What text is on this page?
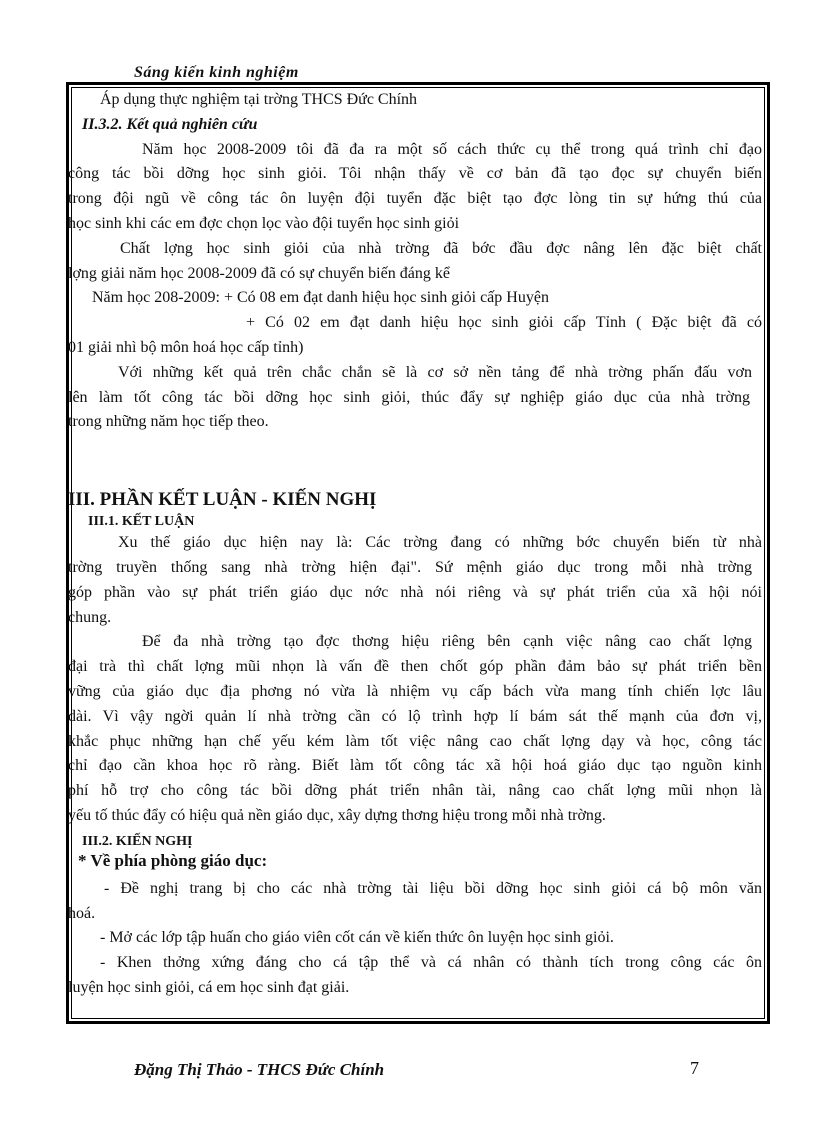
Sáng kiến kinh nghiệm
Áp dụng thực nghiệm tại trờng THCS Đức Chính
II.3.2. Kết quả nghiên cứu
Năm học 2008-2009 tôi đã đa ra một số cách thức cụ thể trong quá trình chỉ đạo
công tác bồi dỡng học sinh giỏi. Tôi nhận thấy về cơ bản đã tạo đọc sự chuyển biến
trong đội ngũ về công tác ôn luyện đội tuyển đặc biệt tạo đợc lòng tin sự hứng thú của
học sinh khi các em đợc chọn lọc vào đội tuyển học sinh giỏi
Chất lợng học sinh giỏi của nhà trờng đã bớc đầu đợc nâng lên đặc biệt chất
lợng giải năm học 2008-2009 đã có sự chuyển biến đáng kể
Năm học 208-2009: + Có 08 em đạt danh hiệu học sinh giỏi cấp Huyện
+ Có 02 em đạt danh hiệu học sinh giỏi cấp Tỉnh ( Đặc biệt đã có
01 giải nhì bộ môn hoá học cấp tỉnh)
Với những kết quả trên chắc chắn sẽ là cơ sở nền tảng để nhà trờng phấn đấu vơn
lên làm tốt công tác bồi dỡng học sinh giỏi, thúc đẩy sự nghiệp giáo dục của nhà trờng
trong những năm học tiếp theo.
III. PHẦN KẾT LUẬN - KIẾN NGHỊ
III.1. KẾT LUẬN
Xu thế giáo dục hiện nay là: Các trờng đang có những bớc chuyển biến từ nhà
trờng truyền thống sang nhà trờng hiện đại". Sứ mệnh giáo dục trong mỗi nhà trờng
góp phần vào sự phát triển giáo dục nớc nhà nói riêng và sự phát triển của xã hội nói
chung.
Để đa nhà trờng tạo đợc thơng hiệu riêng bên cạnh việc nâng cao chất lợng
đại trà thì chất lợng mũi nhọn là vấn đề then chốt góp phần đảm bảo sự phát triển bền
vững của giáo dục địa phơng nó vừa là nhiệm vụ cấp bách vừa mang tính chiến lợc lâu
dài. Vì vậy ngời quản lí nhà trờng cần có lộ trình hợp lí bám sát thế mạnh của đơn vị,
khắc phục những hạn chế yếu kém làm tốt việc nâng cao chất lợng dạy và học, công tác
chỉ đạo cần khoa học rõ ràng. Biết làm tốt công tác xã hội hoá giáo dục tạo nguồn kinh
phí hỗ trợ cho công tác bồi dỡng phát triển nhân tài, nâng cao chất lợng mũi nhọn là
yếu tố thúc đẩy có hiệu quả nền giáo dục, xây dựng thơng hiệu trong mỗi nhà trờng.
III.2. KIẾN NGHỊ
* Về phía phòng giáo dục:
- Đề nghị trang bị cho các nhà trờng tài liệu bồi dỡng học sinh giỏi cá bộ môn văn
hoá.
- Mở các lớp tập huấn cho giáo viên cốt cán về kiến thức ôn luyện học sinh giỏi.
- Khen thởng xứng đáng cho cá tập thể và cá nhân có thành tích trong công các ôn
luyện học sinh giỏi, cá em học sinh đạt giải.
Đặng Thị Thảo - THCS Đức Chính	7
